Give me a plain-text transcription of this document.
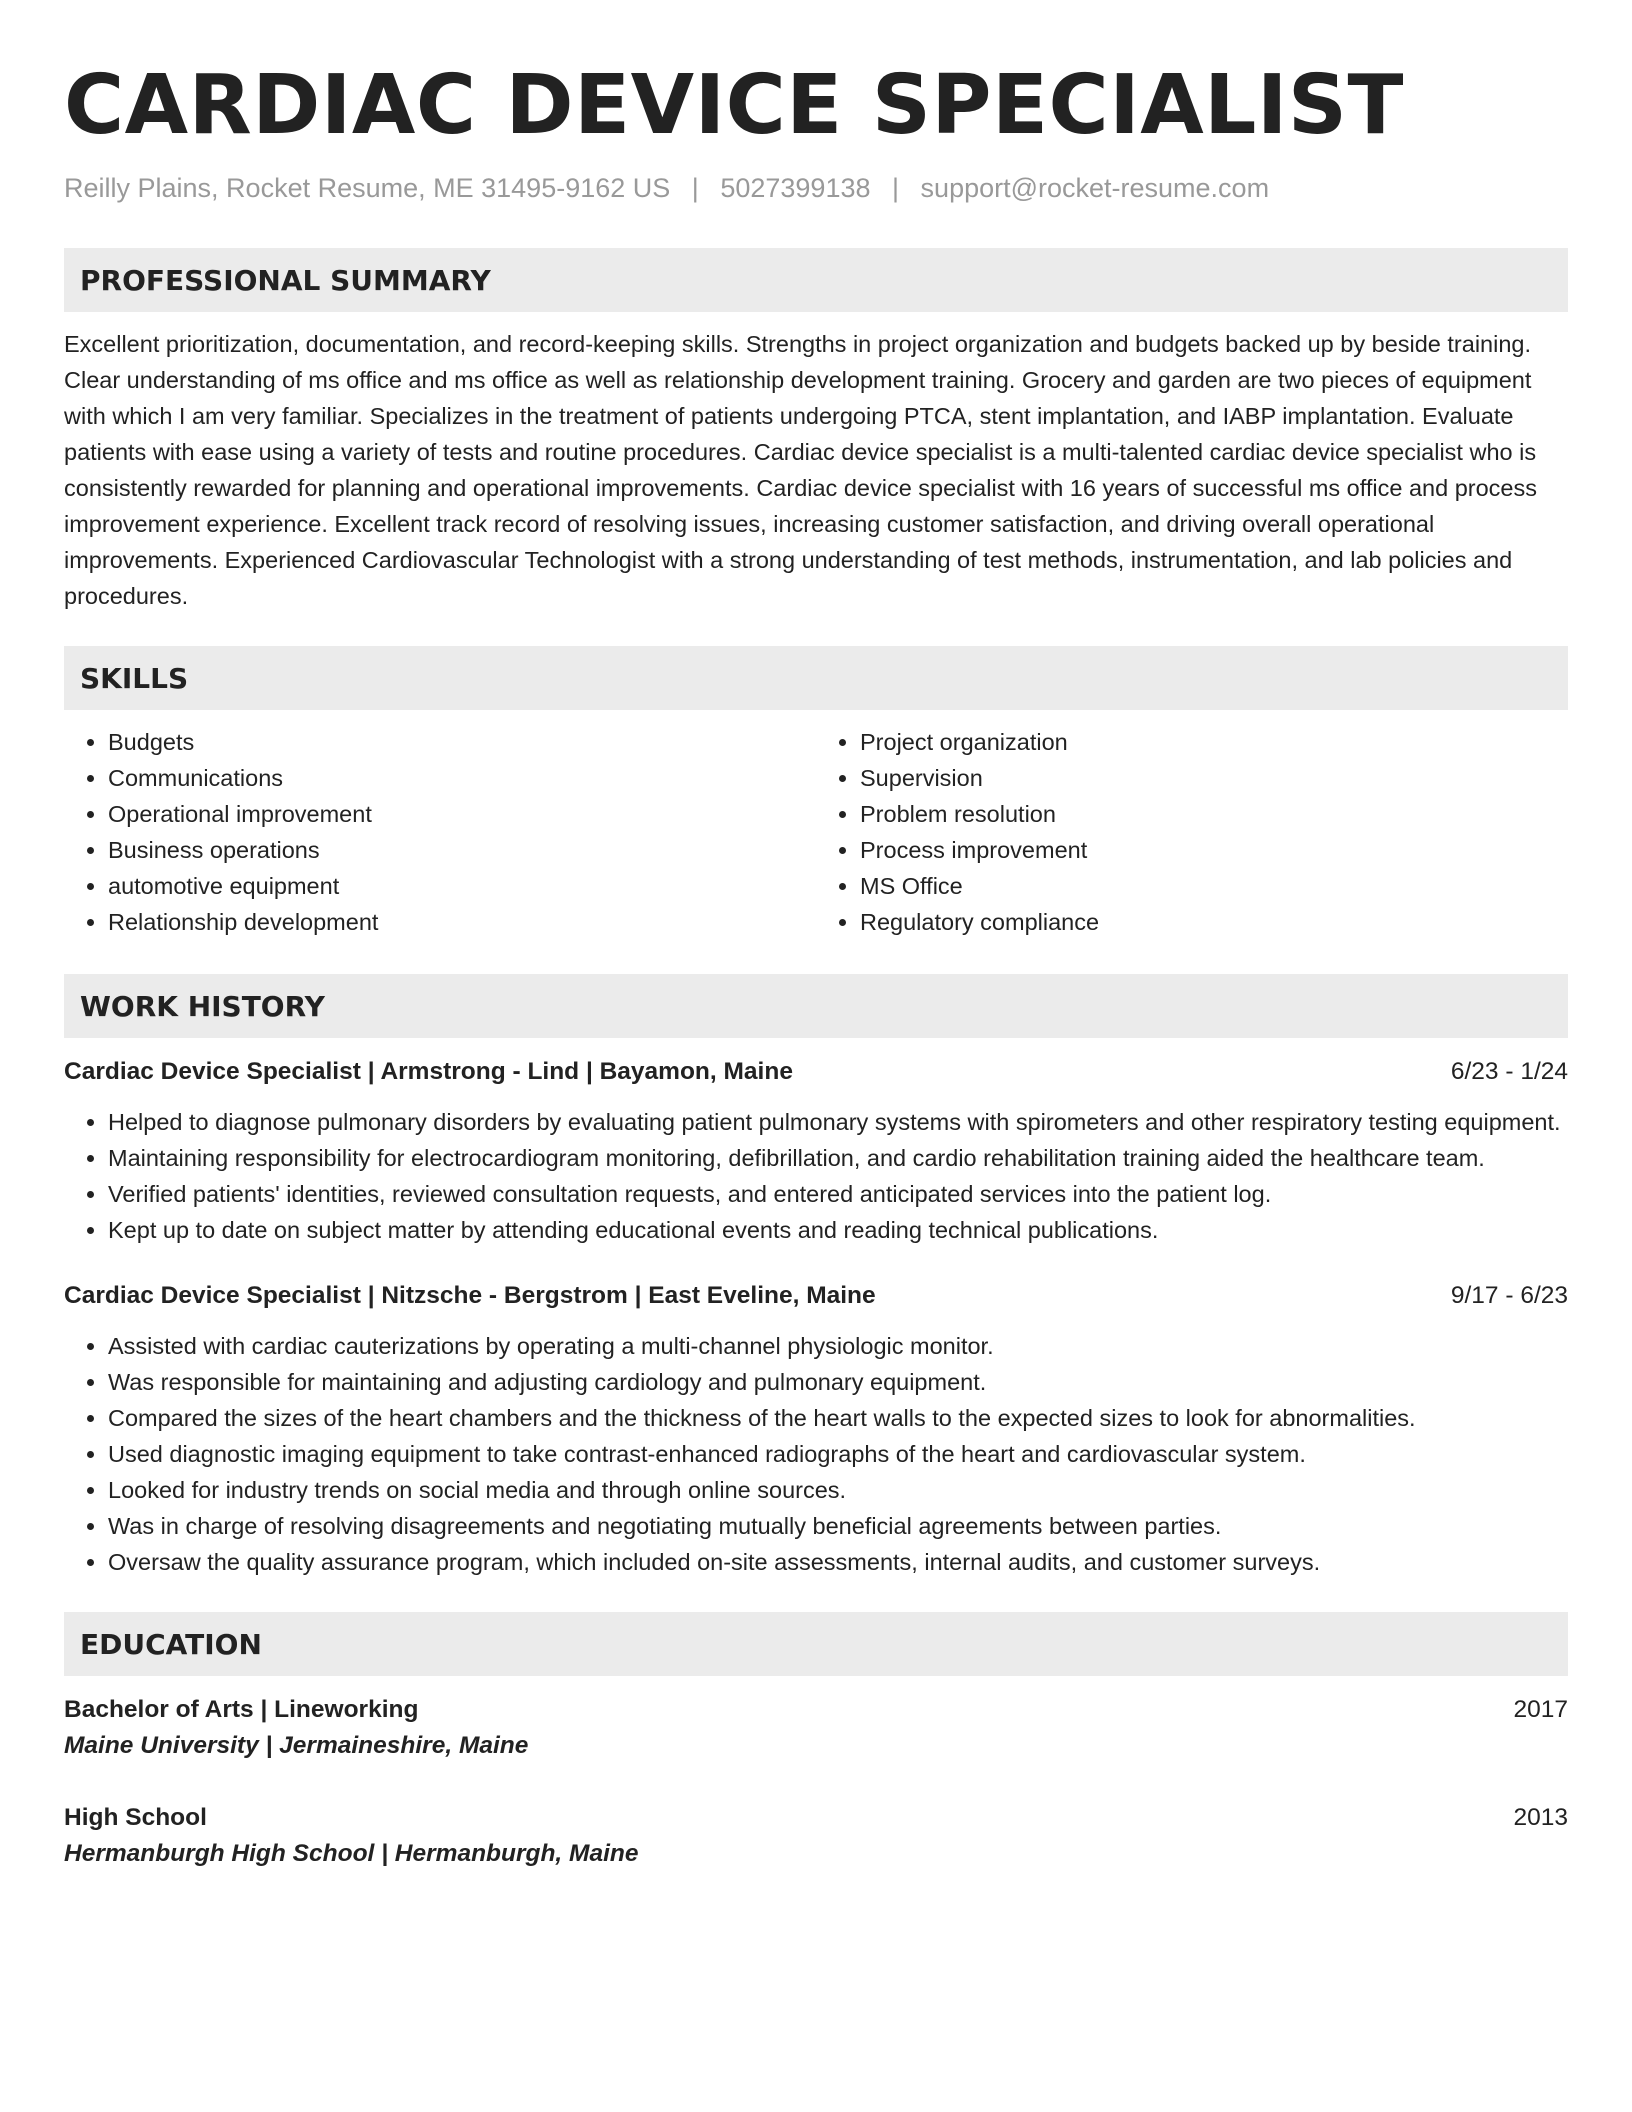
CARDIAC DEVICE SPECIALIST
Reilly Plains, Rocket Resume, ME 31495-9162 US | 5027399138 | support@rocket-resume.com
PROFESSIONAL SUMMARY

Excellent prioritization, documentation, and record-keeping skills. Strengths in project organization and budgets backed up by beside training. Clear understanding of ms office and ms office as well as relationship development training. Grocery and garden are two pieces of equipment with which I am very familiar. Specializes in the treatment of patients undergoing PTCA, stent implantation, and IABP implantation. Evaluate patients with ease using a variety of tests and routine procedures. Cardiac device specialist is a multi-talented cardiac device specialist who is consistently rewarded for planning and operational improvements. Cardiac device specialist with 16 years of successful ms office and process improvement experience. Excellent track record of resolving issues, increasing customer satisfaction, and driving overall operational improvements. Experienced Cardiovascular Technologist with a strong understanding of test methods, instrumentation, and lab policies and procedures.

SKILLS
• Budgets
• Communications
• Operational improvement
• Business operations
• automotive equipment
• Relationship development
• Project organization
• Supervision
• Problem resolution
• Process improvement
• MS Office
• Regulatory compliance
WORK HISTORY
Cardiac Device Specialist | Armstrong - Lind | Bayamon, Maine	6/23 - 1/24
• Helped to diagnose pulmonary disorders by evaluating patient pulmonary systems with spirometers and other respiratory testing equipment.
• Maintaining responsibility for electrocardiogram monitoring, defibrillation, and cardio rehabilitation training aided the healthcare team.
• Verified patients' identities, reviewed consultation requests, and entered anticipated services into the patient log.
• Kept up to date on subject matter by attending educational events and reading technical publications.
Cardiac Device Specialist | Nitzsche - Bergstrom | East Eveline, Maine	9/17 - 6/23
• Assisted with cardiac cauterizations by operating a multi-channel physiologic monitor.
• Was responsible for maintaining and adjusting cardiology and pulmonary equipment.
• Compared the sizes of the heart chambers and the thickness of the heart walls to the expected sizes to look for abnormalities.
• Used diagnostic imaging equipment to take contrast-enhanced radiographs of the heart and cardiovascular system.
• Looked for industry trends on social media and through online sources.
• Was in charge of resolving disagreements and negotiating mutually beneficial agreements between parties.
• Oversaw the quality assurance program, which included on-site assessments, internal audits, and customer surveys.
EDUCATION
Bachelor of Arts | Lineworking	2017
Maine University | Jermaineshire, Maine
High School	2013
Hermanburgh High School | Hermanburgh, Maine
